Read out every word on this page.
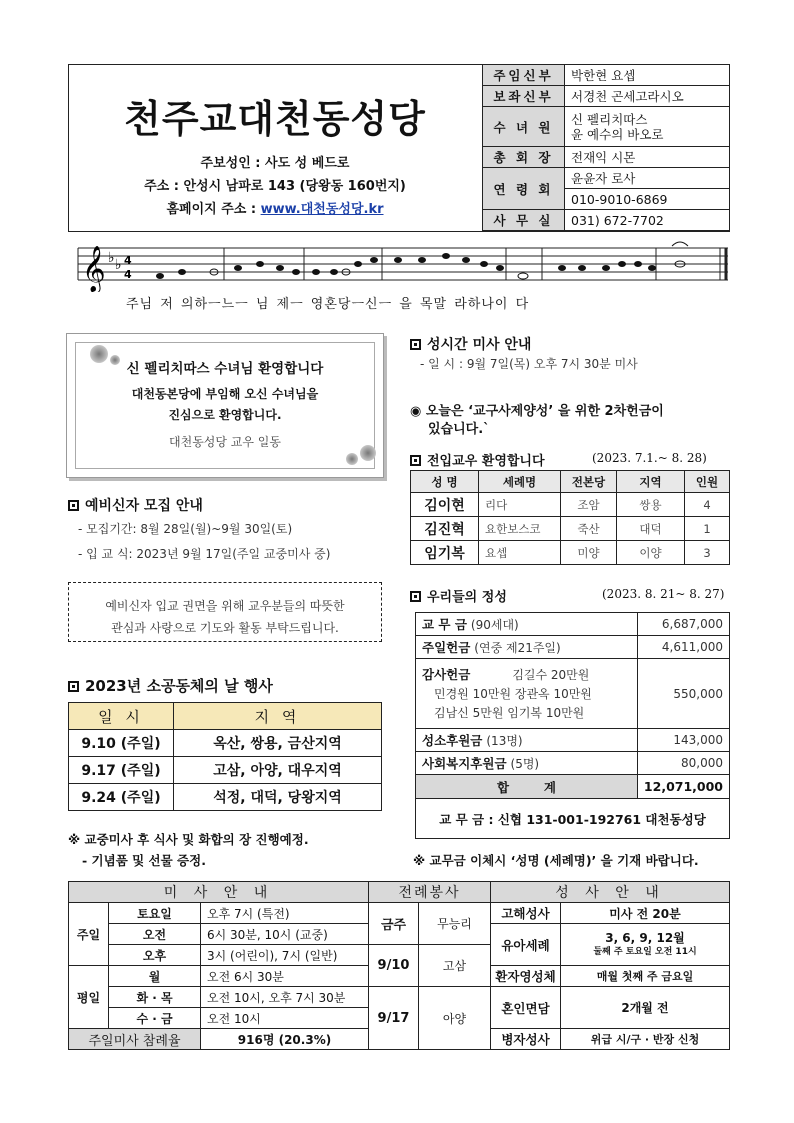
천주교대천동성당
주보성인 : 사도 성 베드로
주소 : 안성시 남파로 143 (당왕동 160번지)
홈페이지 주소 : www.대천동성당.kr
주임신부	박한현 요셉
보좌신부	서경천 곤세고라시오
수 녀 원	신 펠리치따스
윤 예수의 바오로

총 회 장	전재익 시몬
연 령 회	윤윤자 로사
	010-9010-6869
사 무 실	031) 672-7702
𝄞 ♭ ♭ 4
4
주님 저 의하ㅡ느ㅡ 님 제ㅡ 영혼당ㅡ신ㅡ 을 목말 라하나이 다
신 펠리치따스 수녀님 환영합니다
대천동본당에 부임해 오신 수녀님을
진심으로 환영합니다.
대천동성당 교우 일동
예비신자 모집 안내
- 모집기간: 8월 28일(월)~9월 30일(토)
- 입 교 식: 2023년 9월 17일(주일 교중미사 중)
예비신자 입교 권면을 위해 교우분들의 따뜻한
관심과 사랑으로 기도와 활동 부탁드립니다.
2023년 소공동체의 날 행사
일 시	지 역
9.10 (주일)	옥산, 쌍용, 금산지역
9.17 (주일)	고삼, 아양, 대우지역
9.24 (주일)	석정, 대덕, 당왕지역
※ 교중미사 후 식사 및 화합의 장 진행예정.
- 기념품 및 선물 증정.
성시간 미사 안내
- 일 시 : 9월 7일(목) 오후 7시 30분 미사
◉ 오늘은 ‘교구사제양성’ 을 위한 2차헌금이
있습니다.`
전입교우 환영합니다	(2023. 7.1.~ 8. 28)
성 명	세례명	전본당	지역	인원
김이현	리다	조암	쌍용	4
김진혁	요한보스코	죽산	대덕	1
임기복	요셉	미양	이양	3
우리들의 정성	(2023. 8. 21~ 8. 27)
교 무 금 (90세대)	6,687,000
주일헌금 (연중 제21주일)	4,611,000

감사헌금 김길수 20만원
민경원 10만원 장관옥 10만원
김남신 5만원 임기복 10만원	550,000
성소후원금 (13명)	143,000
사회복지후원금 (5명)	80,000
합        계	12,071,000
교 무 금 : 신협 131-001-192761 대천동성당	
※ 교무금 이체시 ‘성명 (세례명)’ 을 기재 바랍니다.
미 사 안 내			전례봉사		성 사 안 내	
주일	토요일	오후 7시 (특전)	금주	무능리	고해성사	미사 전 20분
	오전	6시 30분, 10시 (교중)			유아세례	3, 6, 9, 12월
둘째 주 토요일 오전 11시

	오후	3시 (어린이), 7시 (일반)	9/10	고삼		
평일	월	오전 6시 30분			환자영성체	매월 첫째 주 금요일
	화 · 목	오전 10시, 오후 7시 30분	9/17	아양	혼인면담	2개월 전
	수 · 금	오전 10시				
주일미사 참례율		916명 (20.3%)			병자성사	위급 시/구 · 반장 신청
